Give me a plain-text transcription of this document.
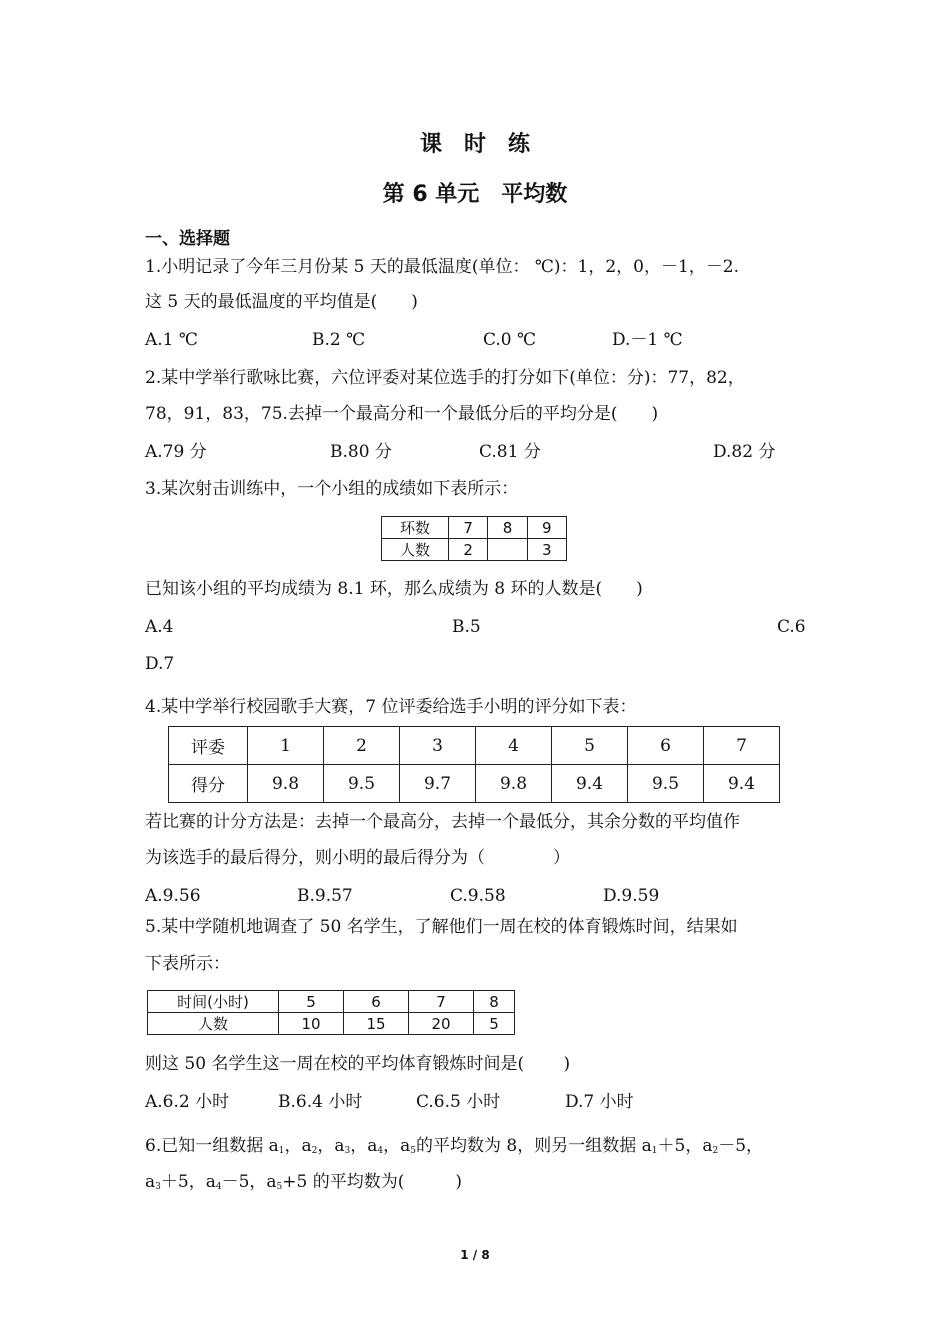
课　时　练
第 6 单元　平均数
一、选择题
1.小明记录了今年三月份某 5 天的最低温度(单位： ℃)：1，2，0，－1，－2.
这 5 天的最低温度的平均值是(　　)
A.1 ℃	B.2 ℃	C.0 ℃	D.－1 ℃
2.某中学举行歌咏比赛，六位评委对某位选手的打分如下(单位：分)：77，82，
78，91，83，75.去掉一个最高分和一个最低分后的平均分是(　　)
A.79 分	B.80 分	C.81 分	D.82 分
3.某次射击训练中，一个小组的成绩如下表所示：
环数	7	8	9
人数	2		3
已知该小组的平均成绩为 8.1 环，那么成绩为 8 环的人数是(　　)
A.4	B.5	C.6
D.7
4.某中学举行校园歌手大赛，7 位评委给选手小明的评分如下表：
评委	1	2	3	4	5	6	7
得分	9.8	9.5	9.7	9.8	9.4	9.5	9.4
若比赛的计分方法是：去掉一个最高分，去掉一个最低分，其余分数的平均值作
为该选手的最后得分，则小明的最后得分为（　　　　）
A.9.56	B.9.57	C.9.58	D.9.59
5.某中学随机地调查了 50 名学生，了解他们一周在校的体育锻炼时间，结果如
下表所示：
时间(小时)	5	6	7	8
人数	10	15	20	5
则这 50 名学生这一周在校的平均体育锻炼时间是(　　 )
A.6.2 小时	B.6.4 小时	C.6.5 小时	D.7 小时
6.已知一组数据 $a_1$，$a_2$，$a_3$，$a_4$，$a_5$的平均数为 8，则另一组数据 $a_1+5$，$a_2-5$，
$a_3+5$，$a_4-5$，$a_5+5$ 的平均数为(　　　)
1 / 8
